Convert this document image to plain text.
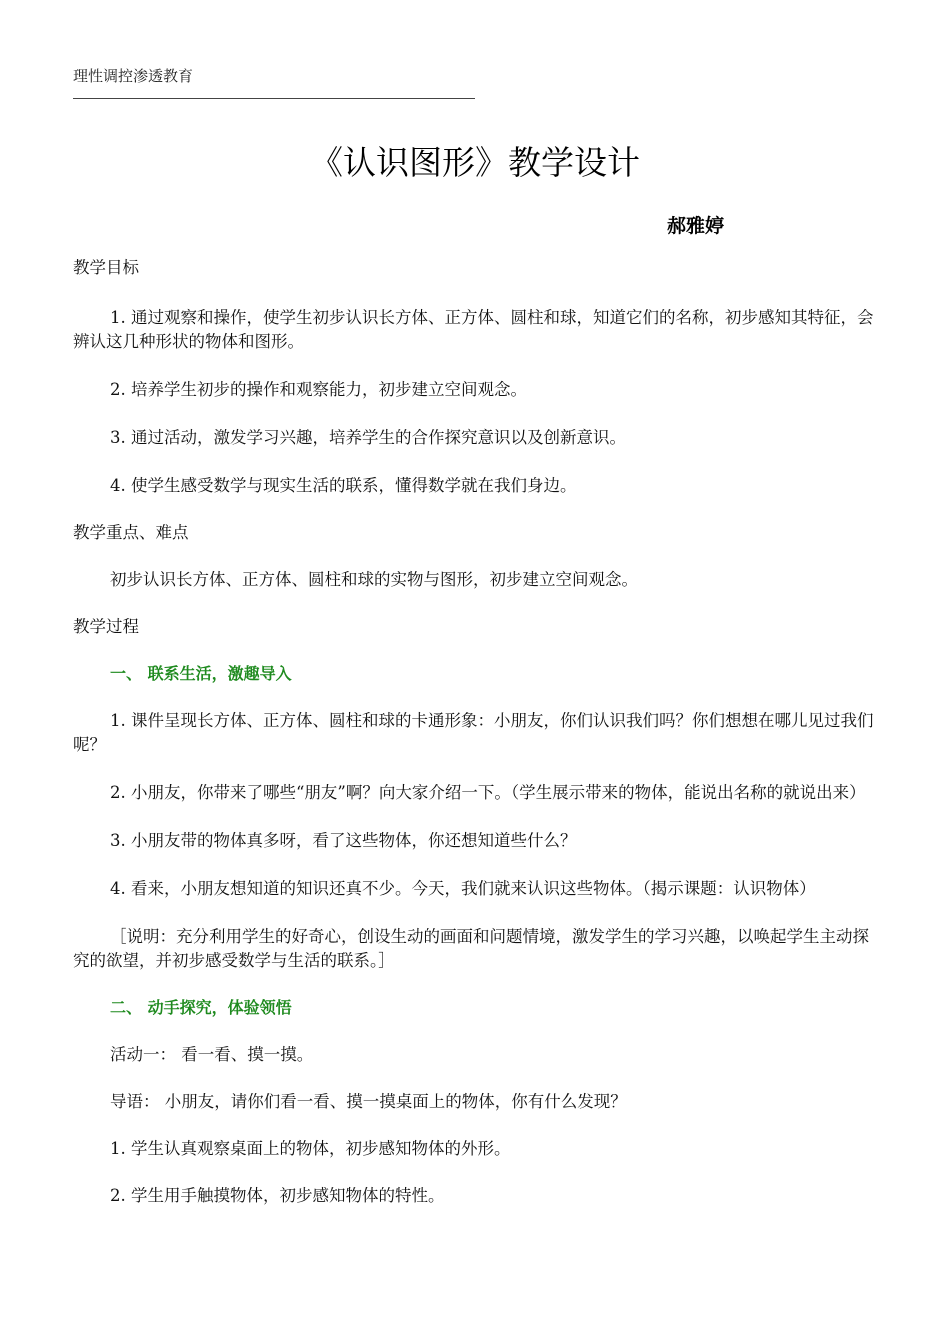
理性调控渗透教育
《认识图形》教学设计
郝雅婷

教学目标

1. 通过观察和操作，使学生初步认识长方体、正方体、圆柱和球，知道它们的名称，初步感知其特征，会辨认这几种形状的物体和图形。

2. 培养学生初步的操作和观察能力，初步建立空间观念。

3. 通过活动，激发学习兴趣，培养学生的合作探究意识以及创新意识。

4. 使学生感受数学与现实生活的联系，懂得数学就在我们身边。

教学重点、难点

初步认识长方体、正方体、圆柱和球的实物与图形，初步建立空间观念。

教学过程

一、 联系生活，激趣导入

1. 课件呈现长方体、正方体、圆柱和球的卡通形象：小朋友，你们认识我们吗？你们想想在哪儿见过我们呢？

2. 小朋友，你带来了哪些“朋友”啊？向大家介绍一下。（学生展示带来的物体，能说出名称的就说出来）

3. 小朋友带的物体真多呀，看了这些物体，你还想知道些什么？

4. 看来，小朋友想知道的知识还真不少。今天，我们就来认识这些物体。（揭示课题：认识物体）

［说明：充分利用学生的好奇心，创设生动的画面和问题情境，激发学生的学习兴趣，以唤起学生主动探究的欲望，并初步感受数学与生活的联系。］

二、 动手探究，体验领悟

活动一： 看一看、摸一摸。

导语： 小朋友，请你们看一看、摸一摸桌面上的物体，你有什么发现？

1. 学生认真观察桌面上的物体，初步感知物体的外形。

2. 学生用手触摸物体，初步感知物体的特性。
